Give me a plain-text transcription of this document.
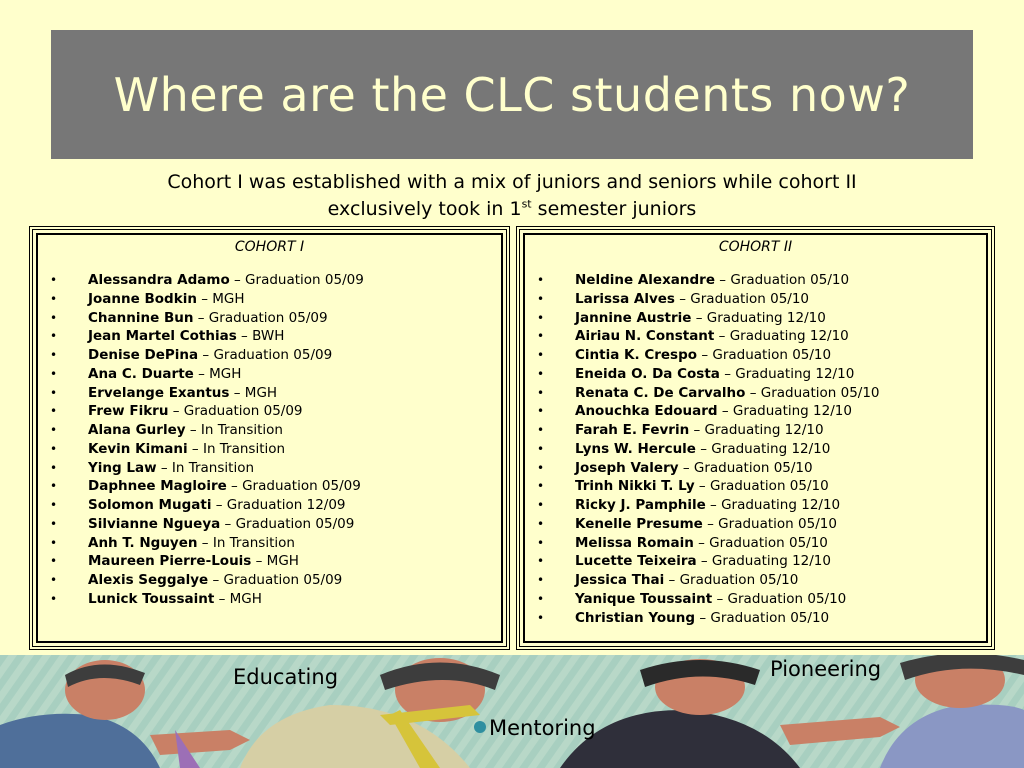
Where are the CLC students now?
Cohort I was established with a mix of juniors and seniors while cohort II
exclusively took in 1st semester juniors
COHORT I
• Alessandra Adamo – Graduation 05/09
• Joanne Bodkin – MGH
• Channine Bun – Graduation 05/09
• Jean Martel Cothias – BWH
• Denise DePina – Graduation 05/09
• Ana C. Duarte – MGH
• Ervelange Exantus – MGH
• Frew Fikru – Graduation 05/09
• Alana Gurley – In Transition
• Kevin Kimani – In Transition
• Ying Law – In Transition
• Daphnee Magloire – Graduation 05/09
• Solomon Mugati – Graduation 12/09
• Silvianne Ngueya – Graduation 05/09
• Anh T. Nguyen – In Transition
• Maureen Pierre-Louis – MGH
• Alexis Seggalye – Graduation 05/09
• Lunick Toussaint – MGH
COHORT II
• Neldine Alexandre – Graduation 05/10
• Larissa Alves – Graduation 05/10
• Jannine Austrie – Graduating 12/10
• Airiau N. Constant – Graduating 12/10
• Cintia K. Crespo – Graduation 05/10
• Eneida O. Da Costa – Graduating 12/10
• Renata C. De Carvalho – Graduation 05/10
• Anouchka Edouard – Graduating 12/10
• Farah E. Fevrin – Graduating 12/10
• Lyns W. Hercule – Graduating 12/10
• Joseph Valery – Graduation 05/10
• Trinh Nikki T. Ly – Graduation 05/10
• Ricky J. Pamphile – Graduating 12/10
• Kenelle Presume – Graduation 05/10
• Melissa Romain – Graduation 05/10
• Lucette Teixeira – Graduating 12/10
• Jessica Thai – Graduation 05/10
• Yanique Toussaint – Graduation 05/10
• Christian Young – Graduation 05/10
Educating	Pioneering
Mentoring
